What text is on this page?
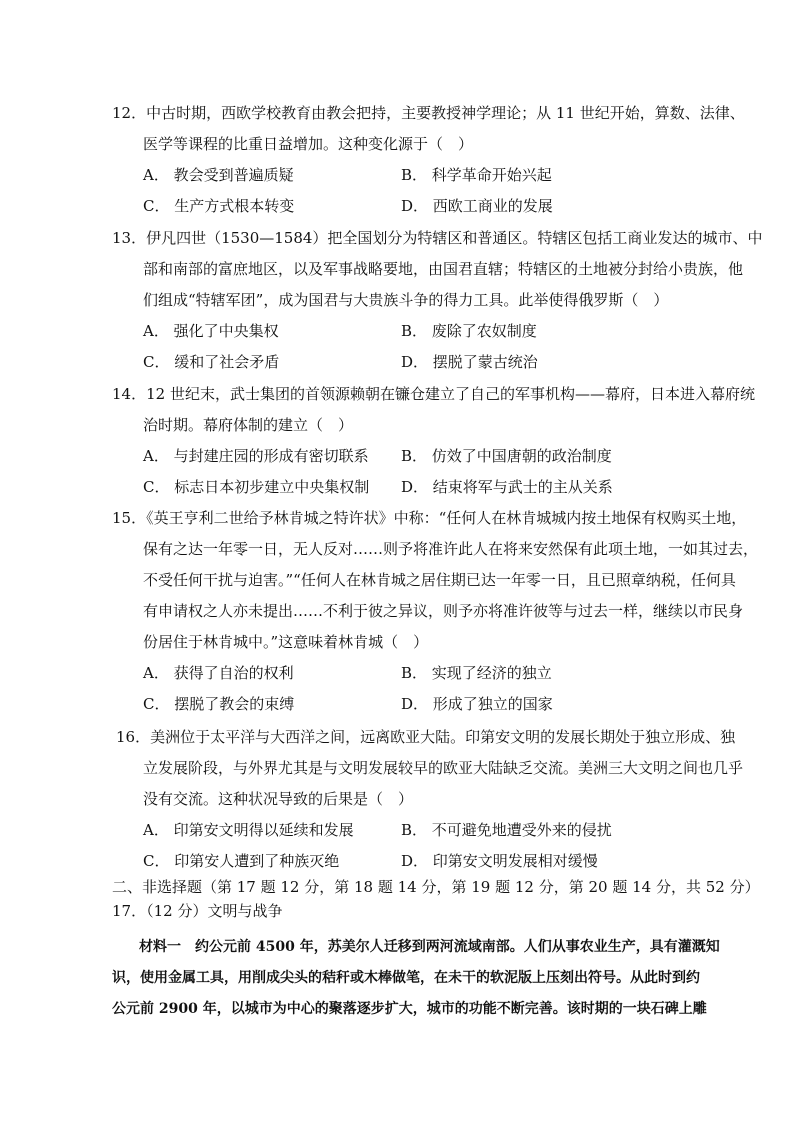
12．中古时期，西欧学校教育由教会把持，主要教授神学理论；从 11 世纪开始，算数、法律、
医学等课程的比重日益增加。这种变化源于（　）
A． 教会受到普遍质疑	B． 科学革命开始兴起
C． 生产方式根本转变	D． 西欧工商业的发展
13．伊凡四世（1530—1584）把全国划分为特辖区和普通区。特辖区包括工商业发达的城市、中
部和南部的富庶地区，以及军事战略要地，由国君直辖；特辖区的土地被分封给小贵族，他
们组成“特辖军团”，成为国君与大贵族斗争的得力工具。此举使得俄罗斯（　）
A． 强化了中央集权	B． 废除了农奴制度
C． 缓和了社会矛盾	D． 摆脱了蒙古统治
14．12 世纪末，武士集团的首领源赖朝在镰仓建立了自己的军事机构——幕府，日本进入幕府统
治时期。幕府体制的建立（　）
A． 与封建庄园的形成有密切联系 B． 仿效了中国唐朝的政治制度
C． 标志日本初步建立中央集权制 D． 结束将军与武士的主从关系
15．《英王亨利二世给予林肯城之特许状》中称：“任何人在林肯城城内按土地保有权购买土地，
保有之达一年零一日，无人反对……则予将准许此人在将来安然保有此项土地，一如其过去，
不受任何干扰与迫害。”“任何人在林肯城之居住期已达一年零一日，且已照章纳税，任何具
有申请权之人亦未提出……不利于彼之异议，则予亦将准许彼等与过去一样，继续以市民身
份居住于林肯城中。”这意味着林肯城（　）
A． 获得了自治的权利	B． 实现了经济的独立
C． 摆脱了教会的束缚	D． 形成了独立的国家
16．美洲位于太平洋与大西洋之间，远离欧亚大陆。印第安文明的发展长期处于独立形成、独
立发展阶段，与外界尤其是与文明发展较早的欧亚大陆缺乏交流。美洲三大文明之间也几乎
没有交流。这种状况导致的后果是（　）
A． 印第安文明得以延续和发展	B． 不可避免地遭受外来的侵扰
C． 印第安人遭到了种族灭绝	D． 印第安文明发展相对缓慢
二、非选择题（第 17 题 12 分，第 18 题 14 分，第 19 题 12 分，第 20 题 14 分，共 52 分）
17．（12 分）文明与战争
材料一　约公元前 4500 年，苏美尔人迁移到两河流域南部。人们从事农业生产，具有灌溉知
识，使用金属工具，用削成尖头的秸秆或木棒做笔，在未干的软泥版上压刻出符号。从此时到约
公元前 2900 年，以城市为中心的聚落逐步扩大，城市的功能不断完善。该时期的一块石碑上雕
